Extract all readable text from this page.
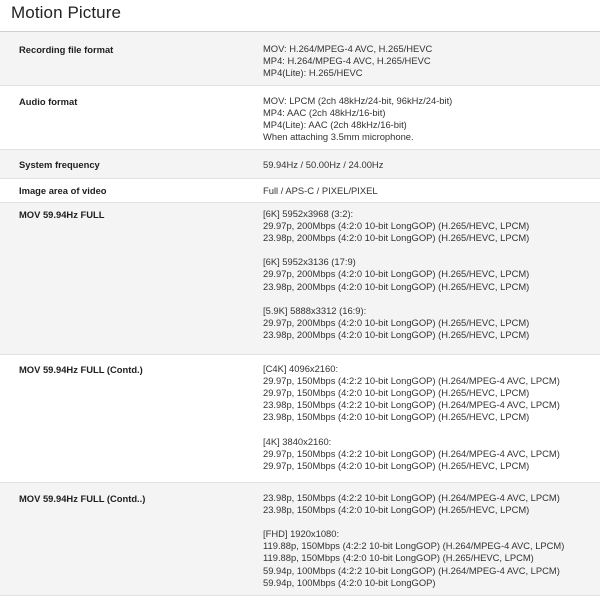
Motion Picture
Recording file format	MOV: H.264/MPEG-4 AVC, H.265/HEVC
MP4: H.264/MPEG-4 AVC, H.265/HEVC
MP4(Lite): H.265/HEVC
Audio format	MOV: LPCM (2ch 48kHz/24-bit, 96kHz/24-bit)
MP4: AAC (2ch 48kHz/16-bit)
MP4(Lite): AAC (2ch 48kHz/16-bit)
When attaching 3.5mm microphone.
System frequency	59.94Hz / 50.00Hz / 24.00Hz
Image area of video	Full / APS-C / PIXEL/PIXEL
MOV 59.94Hz FULL	[6K] 5952x3968 (3:2):
29.97p, 200Mbps (4:2:0 10-bit LongGOP) (H.265/HEVC, LPCM)
23.98p, 200Mbps (4:2:0 10-bit LongGOP) (H.265/HEVC, LPCM)
[6K] 5952x3136 (17:9)
29.97p, 200Mbps (4:2:0 10-bit LongGOP) (H.265/HEVC, LPCM)
23.98p, 200Mbps (4:2:0 10-bit LongGOP) (H.265/HEVC, LPCM)
[5.9K] 5888x3312 (16:9):
29.97p, 200Mbps (4:2:0 10-bit LongGOP) (H.265/HEVC, LPCM)
23.98p, 200Mbps (4:2:0 10-bit LongGOP) (H.265/HEVC, LPCM)
MOV 59.94Hz FULL (Contd.)	[C4K] 4096x2160:
29.97p, 150Mbps (4:2:2 10-bit LongGOP) (H.264/MPEG-4 AVC, LPCM)
29.97p, 150Mbps (4:2:0 10-bit LongGOP) (H.265/HEVC, LPCM)
23.98p, 150Mbps (4:2:2 10-bit LongGOP) (H.264/MPEG-4 AVC, LPCM)
23.98p, 150Mbps (4:2:0 10-bit LongGOP) (H.265/HEVC, LPCM)
[4K] 3840x2160:
29.97p, 150Mbps (4:2:2 10-bit LongGOP) (H.264/MPEG-4 AVC, LPCM)
29.97p, 150Mbps (4:2:0 10-bit LongGOP) (H.265/HEVC, LPCM)
MOV 59.94Hz FULL (Contd..)	23.98p, 150Mbps (4:2:2 10-bit LongGOP) (H.264/MPEG-4 AVC, LPCM)
23.98p, 150Mbps (4:2:0 10-bit LongGOP) (H.265/HEVC, LPCM)
[FHD] 1920x1080:
119.88p, 150Mbps (4:2:2 10-bit LongGOP) (H.264/MPEG-4 AVC, LPCM)
119.88p, 150Mbps (4:2:0 10-bit LongGOP) (H.265/HEVC, LPCM)
59.94p, 100Mbps (4:2:2 10-bit LongGOP) (H.264/MPEG-4 AVC, LPCM)
59.94p, 100Mbps (4:2:0 10-bit LongGOP)
